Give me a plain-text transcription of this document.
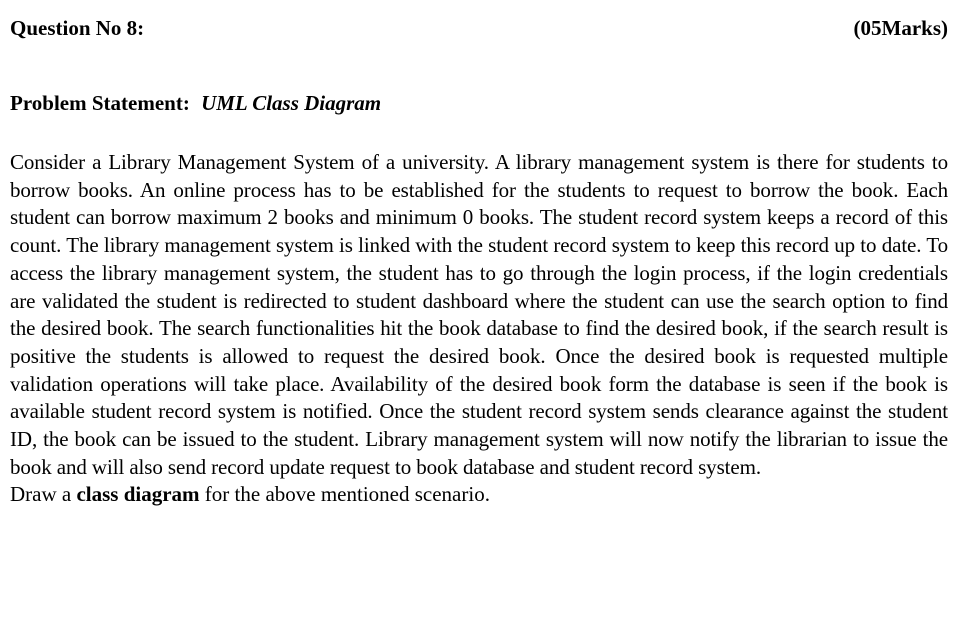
Question No 8:	(05Marks)
Problem Statement: UML Class Diagram
Consider a Library Management System of a university. A library management system is there for students to borrow books. An online process has to be established for the students to request to borrow the book. Each student can borrow maximum 2 books and minimum 0 books. The student record system keeps a record of this count. The library management system is linked with the student record system to keep this record up to date. To access the library management system, the student has to go through the login process, if the login credentials are validated the student is redirected to student dashboard where the student can use the search option to find the desired book. The search functionalities hit the book database to find the desired book, if the search result is positive the students is allowed to request the desired book. Once the desired book is requested multiple validation operations will take place. Availability of the desired book form the database is seen if the book is available student record system is notified. Once the student record system sends clearance against the student ID, the book can be issued to the student. Library management system will now notify the librarian to issue the book and will also send record update request to book database and student record system.
Draw a class diagram for the above mentioned scenario.
